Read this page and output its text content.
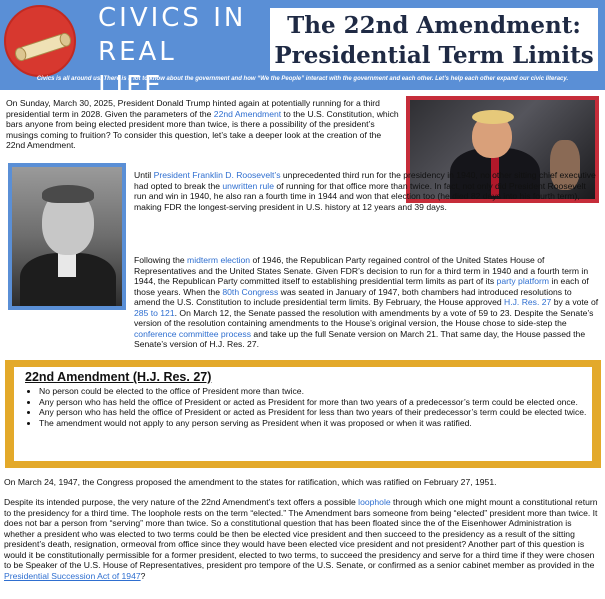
CIVICS IN
REAL LIFE
The 22nd Amendment:
Presidential Term Limits
Civics is all around us. There is a lot to know about the government and how “We the People” interact with the government and each other. Let’s help each other expand our civic literacy.
On Sunday, March 30, 2025, President Donald Trump hinted again at potentially running for a third presidential term in 2028. Given the parameters of the 22nd Amendment to the U.S. Constitution, which bars anyone from being elected president more than twice, is there a possibility of the president’s musings coming to fruition? To consider this question, let’s take a deeper look at the creation of the 22nd Amendment.
Until President Franklin D. Roosevelt’s unprecedented third run for the presidency in 1940, no other sitting chief executive had opted to break the unwritten rule of running for that office more than twice. In fact, not only did President Roosevelt run and win in 1940, he also ran a fourth time in 1944 and won that election too (he died 82 days into his fourth term), making FDR the longest-serving president in U.S. history at 12 years and 39 days.
Following the midterm election of 1946, the Republican Party regained control of the United States House of Representatives and the United States Senate. Given FDR’s decision to run for a third term in 1940 and a fourth term in 1944, the Republican Party committed itself to establishing presidential term limits as part of its party platform in each of those years. When the 80th Congress was seated in January of 1947, both chambers had introduced resolutions to amend the U.S. Constitution to include presidential term limits. By February, the House approved H.J. Res. 27 by a vote of 285 to 121. On March 12, the Senate passed the resolution with amendments by a vote of 59 to 23. Despite the Senate’s version of the resolution containing amendments to the House’s original version, the House chose to side-step the conference committee process and take up the full Senate version on March 21. That same day, the House passed the Senate’s version of H.J. Res. 27.
22nd Amendment (H.J. Res. 27)
• No person could be elected to the office of President more than twice.
• Any person who has held the office of President or acted as President for more than two years of a predecessor’s term could be elected once.
• Any person who has held the office of President or acted as President for less than two years of their predecessor’s term could be elected twice.
• The amendment would not apply to any person serving as President when it was proposed or when it was ratified.
On March 24, 1947, the Congress proposed the amendment to the states for ratification, which was ratified on February 27, 1951.
Despite its intended purpose, the very nature of the 22nd Amendment’s text offers a possible loophole through which one might mount a constitutional return to the presidency for a third time. The loophole rests on the term “elected.” The Amendment bars someone from being “elected” president more than twice. It does not bar a person from “serving” more than twice. So a constitutional question that has been floated since the of the Eisenhower Administration is whether a president who was elected to two terms could be then be elected vice president and then succeed to the presidency as a result of the sitting president’s death, resignation, ormeoval from office since they would have been elected vice president and not president? Another part of this question is would it be constitutionally permissible for a former president, elected to two terms, to succeed the presidency and serve for a third time if they were chosen to be Speaker of the U.S. House of Representatives, president pro tempore of the U.S. Senate, or confirmed as a senior cabinet member as provided in the Presidential Succession Act of 1947?
